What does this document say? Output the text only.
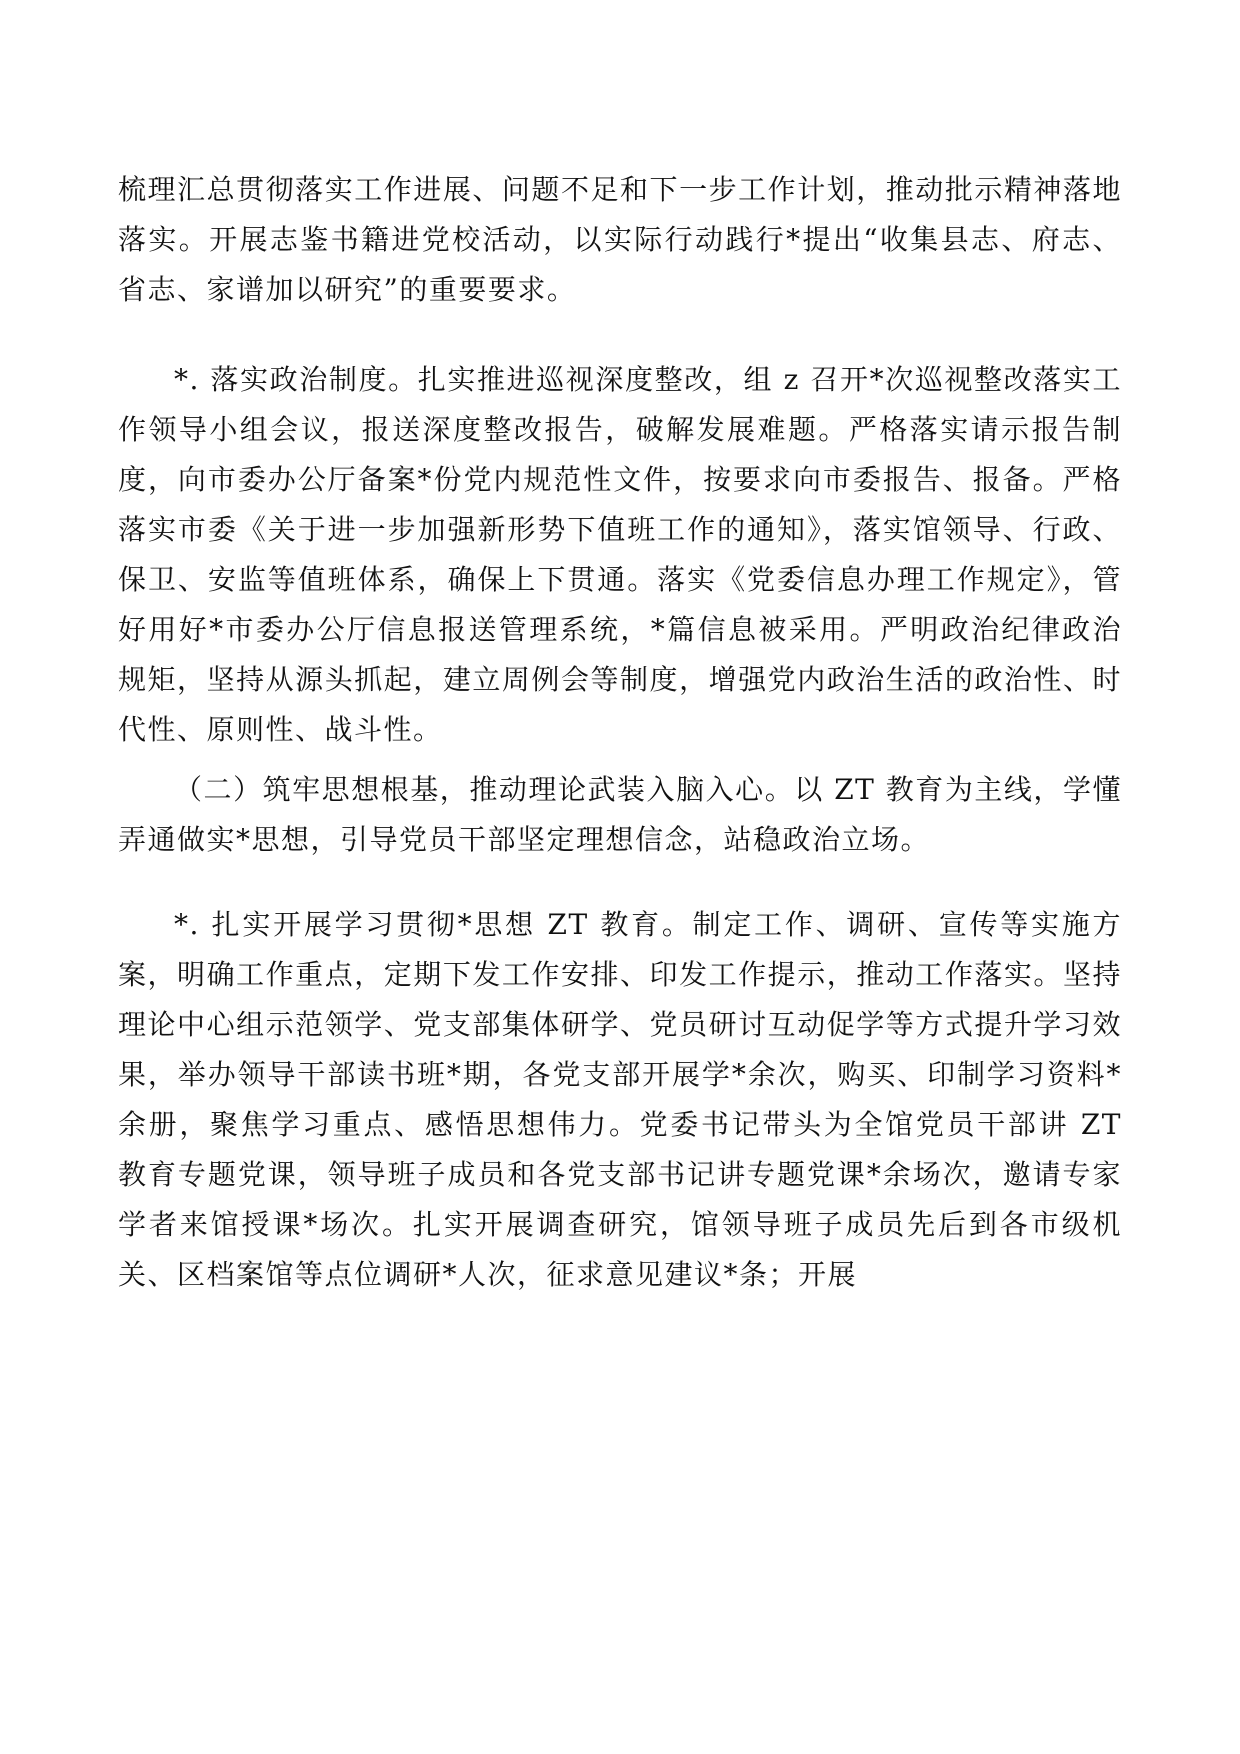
梳理汇总贯彻落实工作进展、问题不足和下一步工作计划，推动批示精神落地落实。开展志鉴书籍进党校活动，以实际行动践行*提出“收集县志、府志、省志、家谱加以研究”的重要要求。

*. 落实政治制度。扎实推进巡视深度整改，组 z 召开*次巡视整改落实工作领导小组会议，报送深度整改报告，破解发展难题。严格落实请示报告制度，向市委办公厅备案*份党内规范性文件，按要求向市委报告、报备。严格落实市委《关于进一步加强新形势下值班工作的通知》，落实馆领导、行政、保卫、安监等值班体系，确保上下贯通。落实《党委信息办理工作规定》，管好用好*市委办公厅信息报送管理系统，*篇信息被采用。严明政治纪律政治规矩，坚持从源头抓起，建立周例会等制度，增强党内政治生活的政治性、时代性、原则性、战斗性。

（二）筑牢思想根基，推动理论武装入脑入心。以 ZT 教育为主线，学懂弄通做实*思想，引导党员干部坚定理想信念，站稳政治立场。

*. 扎实开展学习贯彻*思想 ZT 教育。制定工作、调研、宣传等实施方案，明确工作重点，定期下发工作安排、印发工作提示，推动工作落实。坚持理论中心组示范领学、党支部集体研学、党员研讨互动促学等方式提升学习效果，举办领导干部读书班*期，各党支部开展学*余次，购买、印制学习资料*余册，聚焦学习重点、感悟思想伟力。党委书记带头为全馆党员干部讲 ZT 教育专题党课，领导班子成员和各党支部书记讲专题党课*余场次，邀请专家学者来馆授课*场次。扎实开展调查研究，馆领导班子成员先后到各市级机关、区档案馆等点位调研*人次，征求意见建议*条；开展
